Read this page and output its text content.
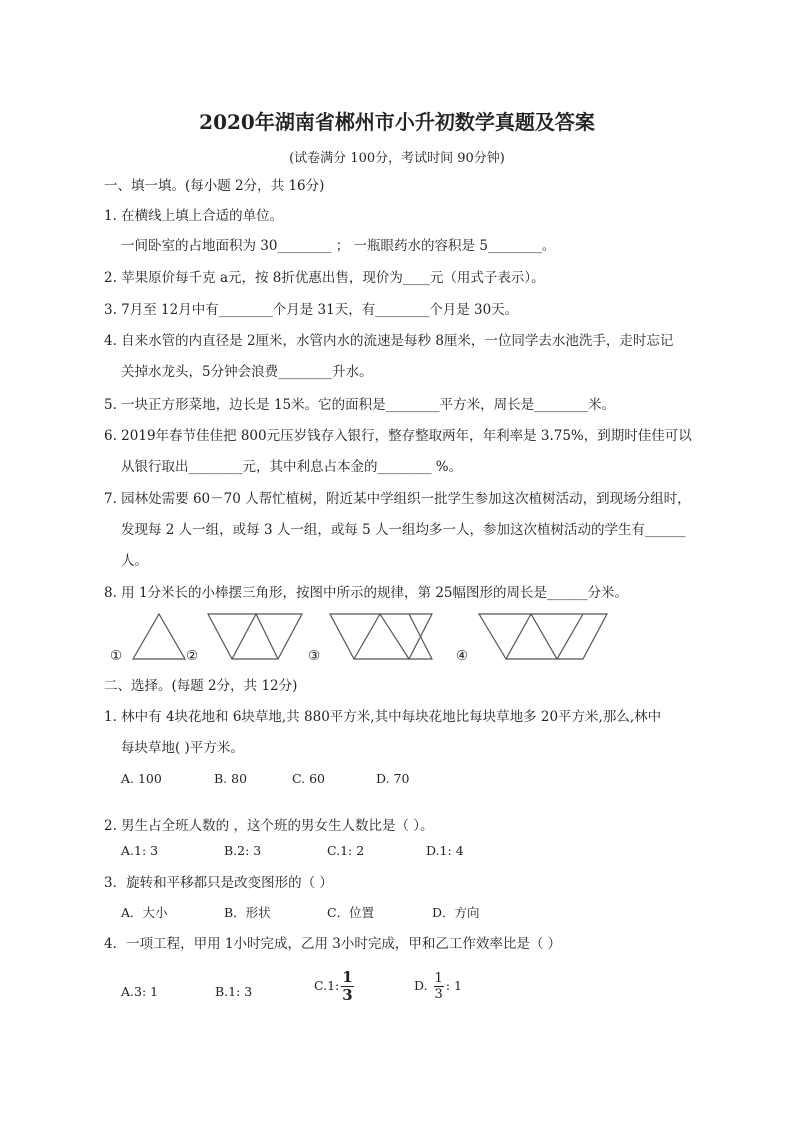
2020年湖南省郴州市小升初数学真题及答案
(试卷满分 100分，考试时间 90分钟)
一、填一填。(每小题 2分，共 16分)
1. 在横线上填上合适的单位。
一间卧室的占地面积为 30________ ； 一瓶眼药水的容积是 5________。
2. 苹果原价每千克 a元，按 8折优惠出售，现价为____元（用式子表示）。
3. 7月至 12月中有________个月是 31天，有________个月是 30天。
4. 自来水管的内直径是 2厘米，水管内水的流速是每秒 8厘米，一位同学去水池洗手，走时忘记
关掉水龙头，5分钟会浪费________升水。
5. 一块正方形菜地，边长是 15米。它的面积是________平方米，周长是________米。
6. 2019年春节佳佳把 800元压岁钱存入银行，整存整取两年，年利率是 3.75%，到期时佳佳可以
从银行取出________元，其中利息占本金的________ %。
7. 园林处需要 60－70 人帮忙植树，附近某中学组织一批学生参加这次植树活动，到现场分组时，
发现每 2 人一组，或每 3 人一组，或每 5 人一组均多一人，参加这次植树活动的学生有______
人。
8. 用 1分米长的小棒摆三角形，按图中所示的规律，第 25幅图形的周长是______分米。
①	②	③	④
二、选择。(每题 2分，共 12分)
1. 林中有 4块花地和 6块草地,共 880平方米,其中每块花地比每块草地多 20平方米,那么,林中
每块草地( )平方米。
A. 100	B. 80	C. 60	D. 70
2. 男生占全班人数的 ，这个班的男女生人数比是（ ）。
A.1: 3	B.2: 3	C.1: 2	D.1: 4
3．旋转和平移都只是改变图形的（ ）
A．大小	B．形状	C．位置	D．方向
4．一项工程，甲用 1小时完成，乙用 3小时完成，甲和乙工作效率比是（ ）
A.3: 1	B.1: 3	C.1: $\frac{1}{3}$	D. $\frac{1}{3}$ : 1
